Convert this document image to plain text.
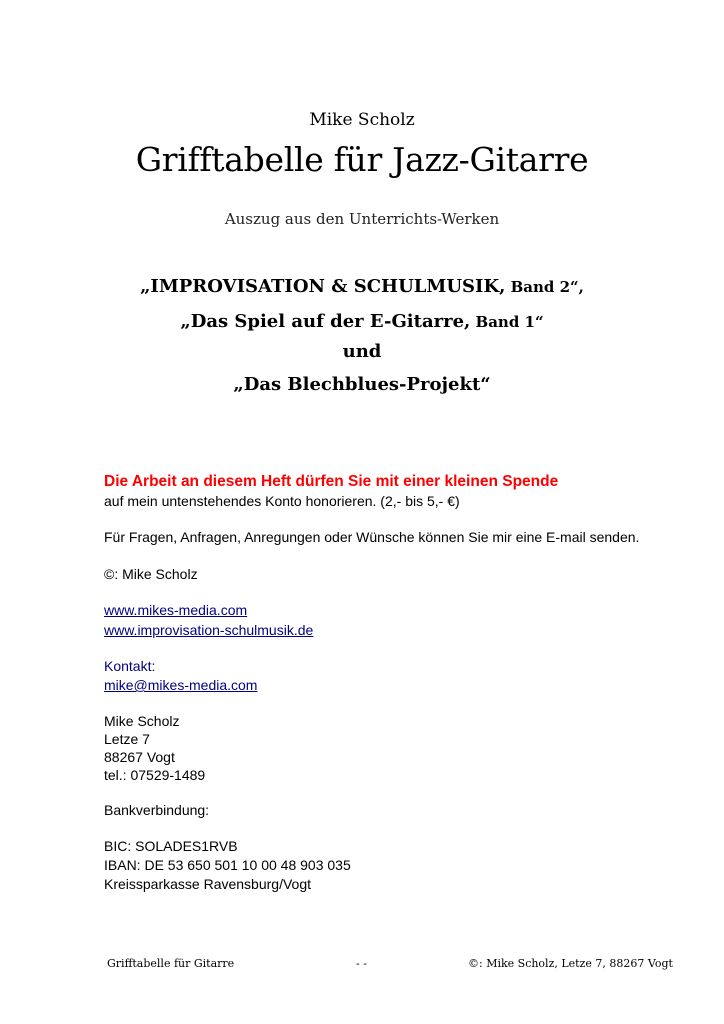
Mike Scholz
Grifftabelle für Jazz-Gitarre
Auszug aus den Unterrichts-Werken
„IMPROVISATION & SCHULMUSIK, Band 2“,
„Das Spiel auf der E-Gitarre, Band 1“
und
„Das Blechblues-Projekt“
Die Arbeit an diesem Heft dürfen Sie mit einer kleinen Spende
auf mein untenstehendes Konto honorieren. (2,- bis 5,- €)
Für Fragen, Anfragen, Anregungen oder Wünsche können Sie mir eine E-mail senden.
©: Mike Scholz
www.mikes-media.com
www.improvisation-schulmusik.de
Kontakt:
mike@mikes-media.com
Mike Scholz
Letze 7
88267 Vogt
tel.: 07529-1489
Bankverbindung:
BIC: SOLADES1RVB
IBAN: DE 53 650 501 10 00 48 903 035
Kreissparkasse Ravensburg/Vogt
Grifftabelle für Gitarre	- -	©: Mike Scholz, Letze 7, 88267 Vogt
